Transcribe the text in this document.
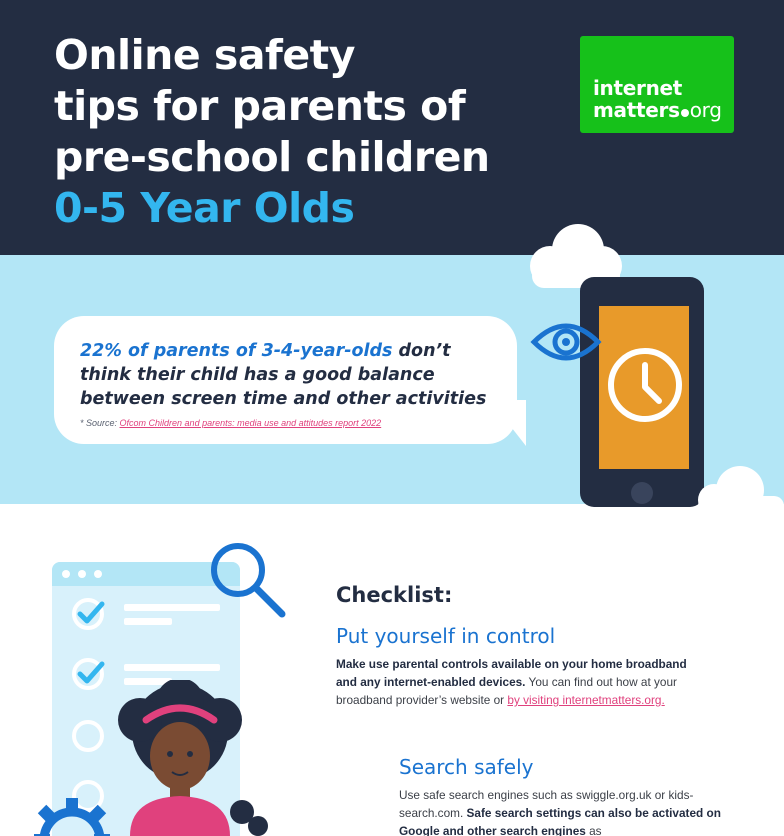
Online safety
tips for parents of
pre-school children
0-5 Year Olds
internet
matters org
22% of parents of 3-4-year-olds don’t think their child has a good balance between screen time and other activities
* Source: Ofcom Children and parents: media use and attitudes report 2022
Checklist:
Put yourself in control
Make use parental controls available on your home broadband and any internet-enabled devices. You can find out how at your broadband provider’s website or by visiting internetmatters.org.
Search safely
Use safe search engines such as swiggle.org.uk or kids-search.com. Safe search settings can also be activated on Google and other search engines as
